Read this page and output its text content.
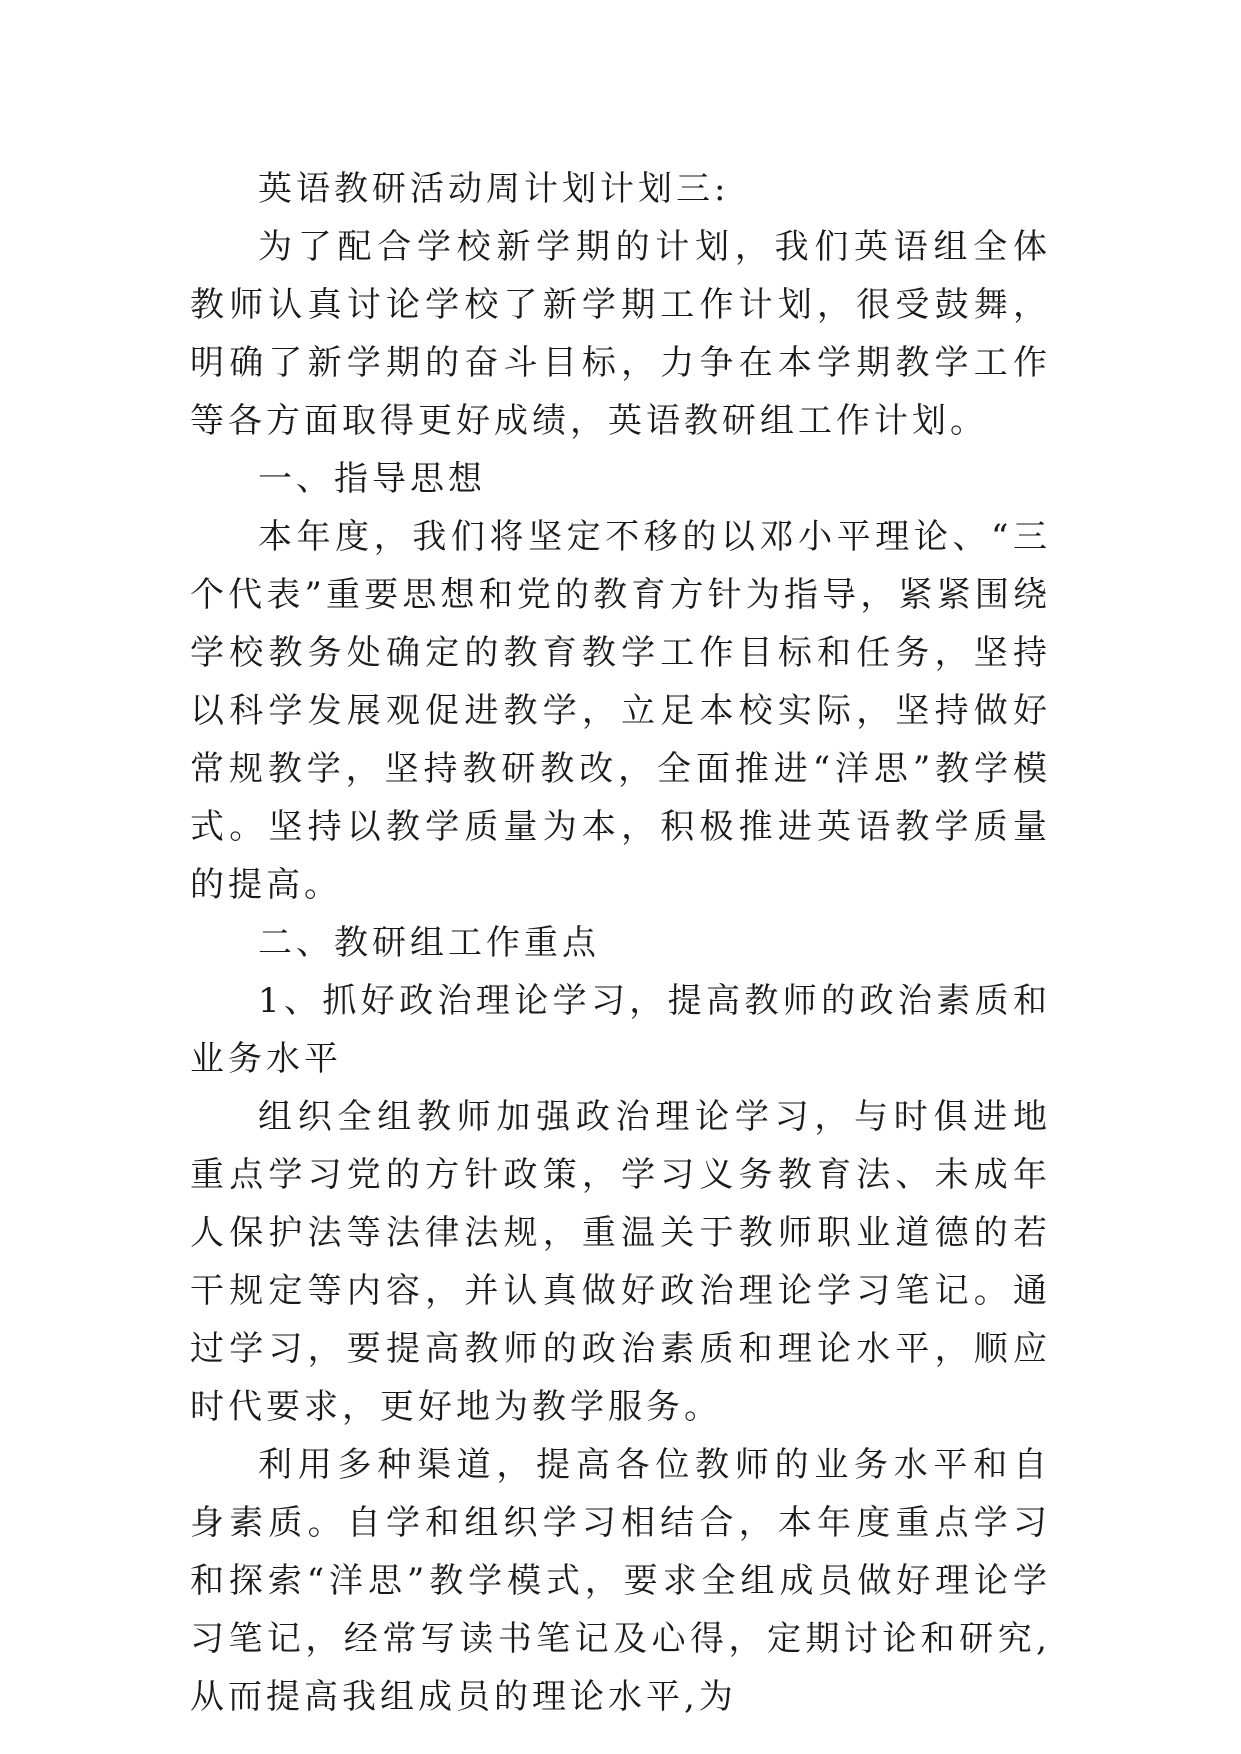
英语教研活动周计划计划三:

为了配合学校新学期的计划，我们英语组全体教师认真讨论学校了新学期工作计划，很受鼓舞，明确了新学期的奋斗目标，力争在本学期教学工作等各方面取得更好成绩，英语教研组工作计划。

一、指导思想

本年度，我们将坚定不移的以邓小平理论、“三个代表”重要思想和党的教育方针为指导，紧紧围绕学校教务处确定的教育教学工作目标和任务，坚持以科学发展观促进教学，立足本校实际，坚持做好常规教学，坚持教研教改，全面推进“洋思”教学模式。坚持以教学质量为本，积极推进英语教学质量的提高。

二、教研组工作重点

1、抓好政治理论学习，提高教师的政治素质和业务水平

组织全组教师加强政治理论学习，与时俱进地重点学习党的方针政策，学习义务教育法、未成年人保护法等法律法规，重温关于教师职业道德的若干规定等内容，并认真做好政治理论学习笔记。通过学习，要提高教师的政治素质和理论水平，顺应时代要求，更好地为教学服务。

利用多种渠道，提高各位教师的业务水平和自身素质。自学和组织学习相结合，本年度重点学习和探索“洋思”教学模式，要求全组成员做好理论学习笔记，经常写读书笔记及心得，定期讨论和研究,从而提高我组成员的理论水平,为
